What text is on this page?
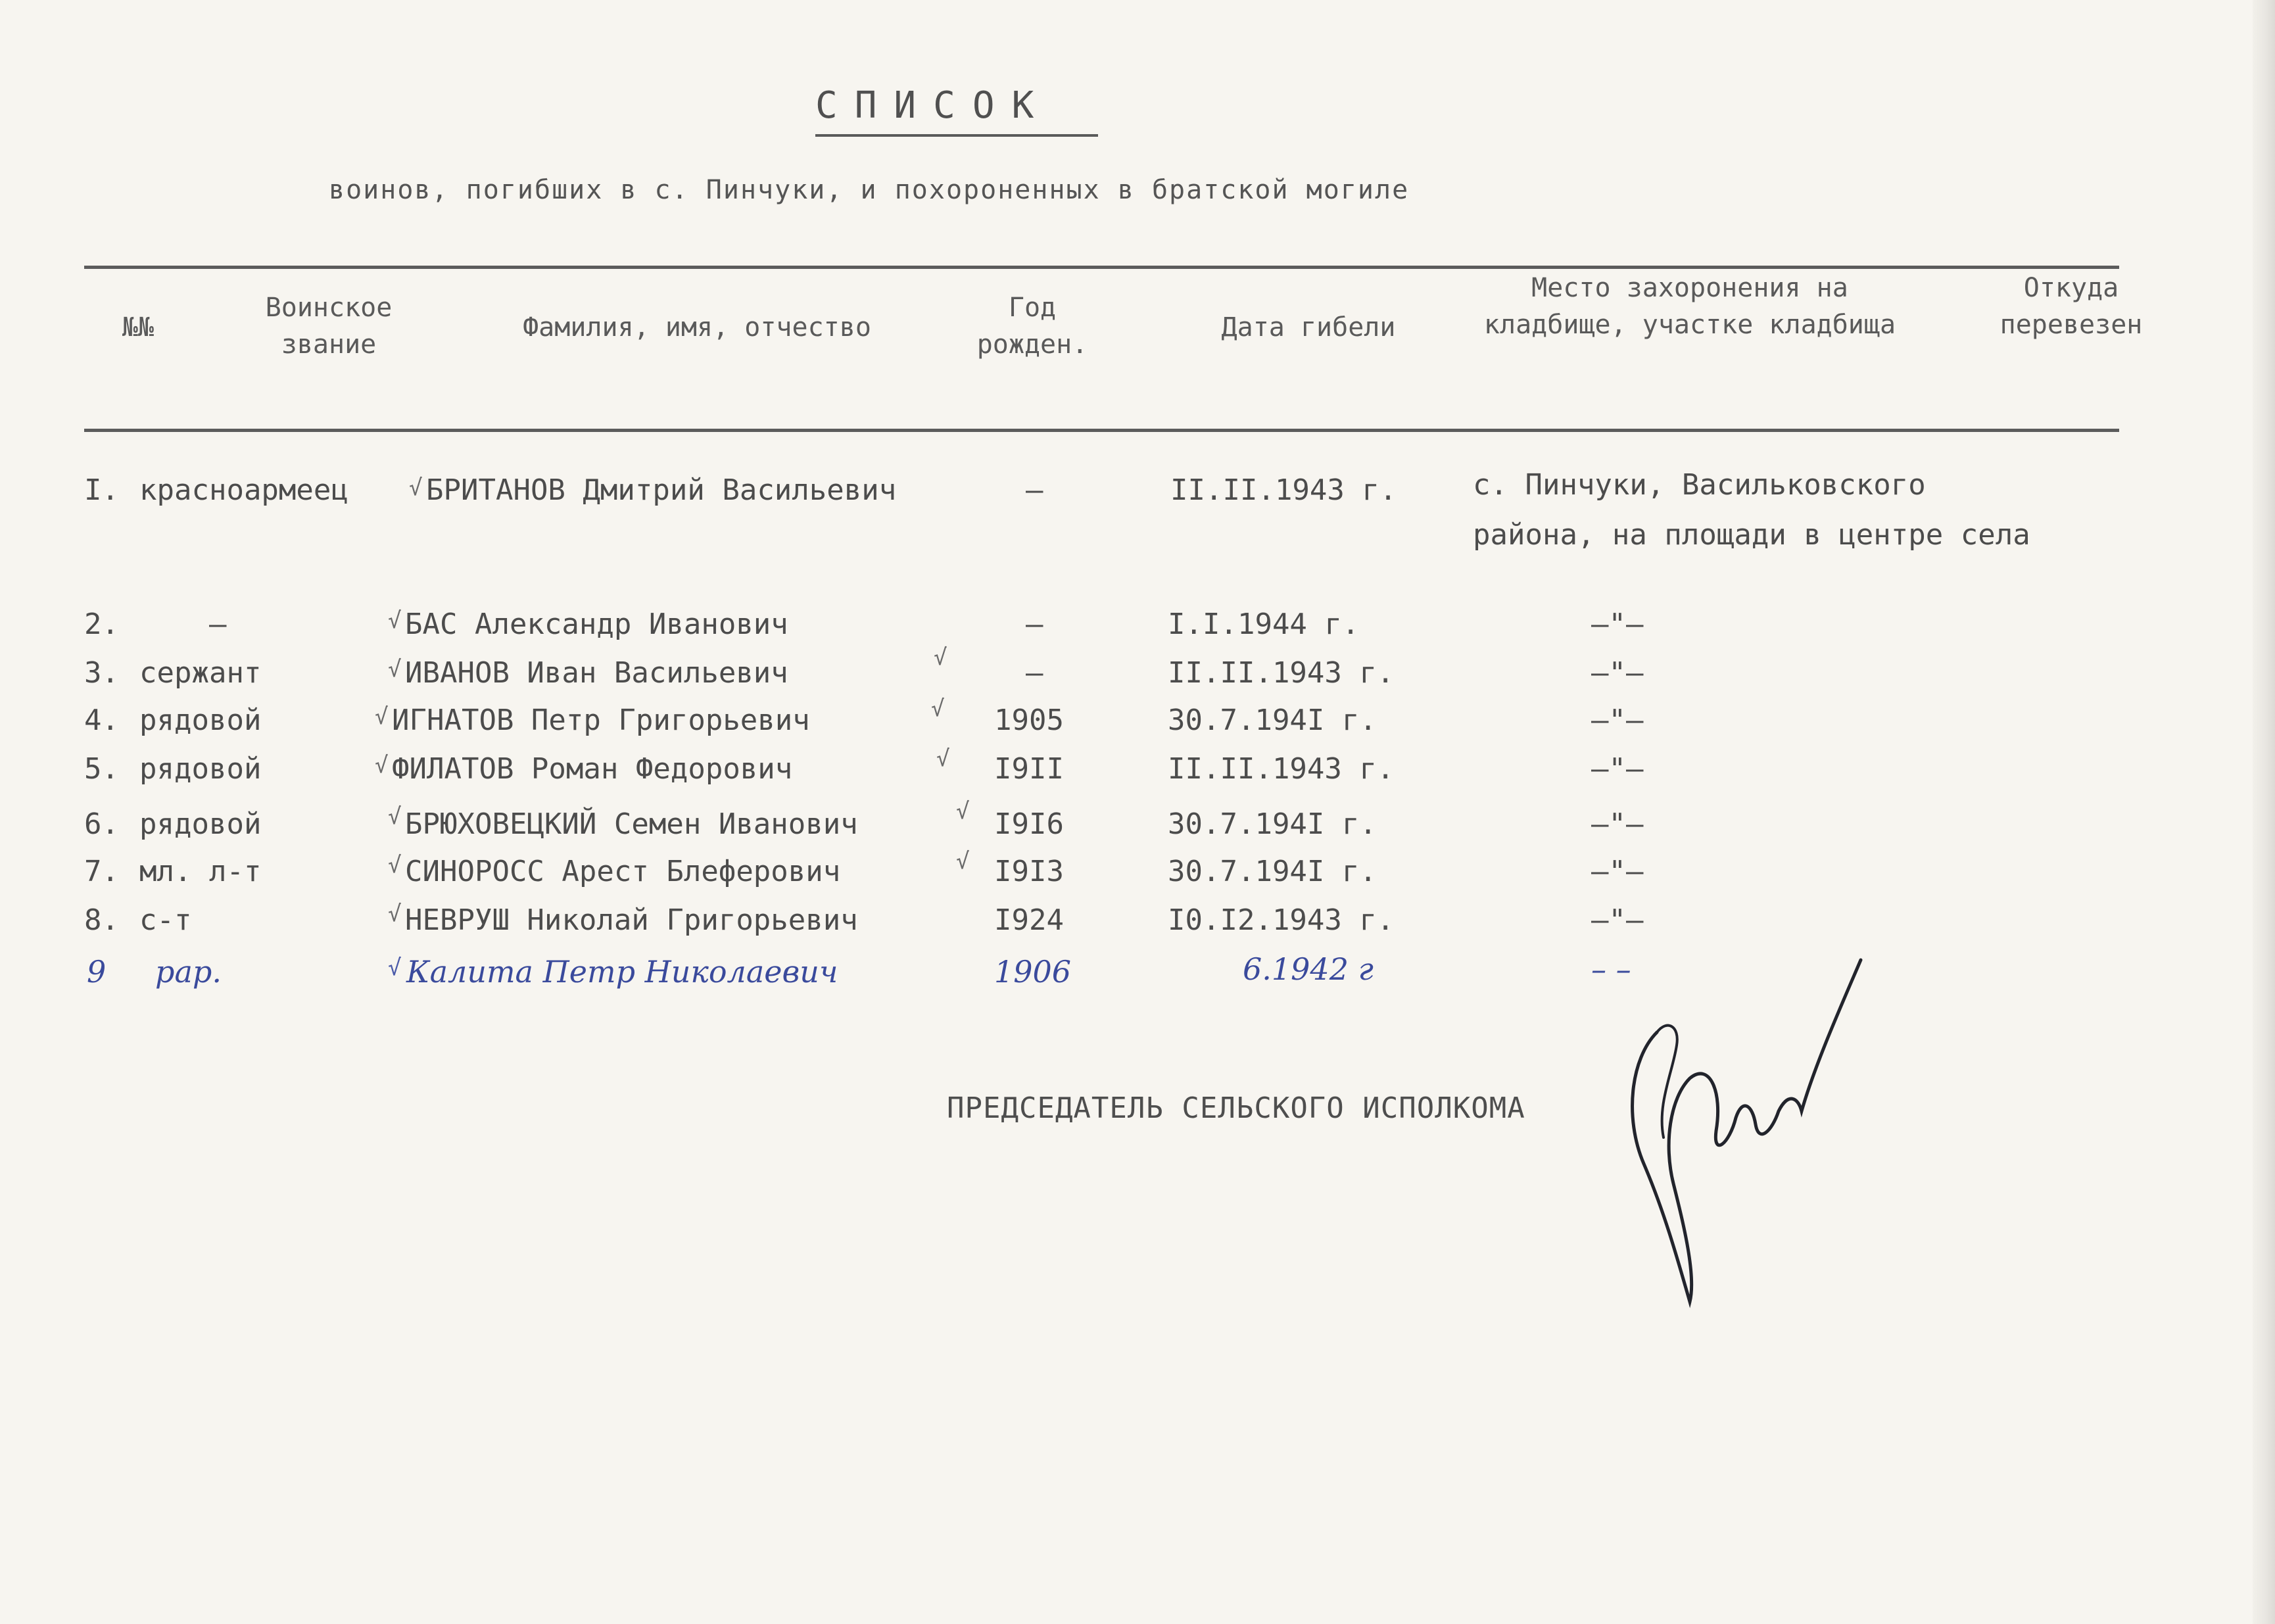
СПИСОК
воинов, погибших в с. Пинчуки, и похороненных в братской могиле
№№
Воинское звание
Фамилия, имя, отчество
Год рожден.
Дата гибели
Место захоронения на кладбище, участке кладбища
Откуда перевезен
I. красноармеец	√ БРИТАНОВ Дмитрий Васильевич	–	II.II.1943 г.	с. Пинчуки, Васильковского района, на площади в центре села
2.	–	√ БАС Александр Иванович	–	I.I.1944 г.	–"–
3. сержант	√ ИВАНОВ Иван Васильевич	√	–	II.II.1943 г.	–"–
4. рядовой	√ ИГНАТОВ Петр Григорьевич	√ 1905	30.7.194I г.	–"–
5. рядовой	√ ФИЛАТОВ Роман Федорович	√ I9II	II.II.1943 г.	–"–
6. рядовой	√ БРЮХОВЕЦКИЙ Семен Иванович	√ I9I6	30.7.194I г.	–"–
7. мл. л-т	√ СИНОРОСС Арест Блеферович	√ I9I3	30.7.194I г.	–"–
8. с-т	√ НЕВРУШ Николай Григорьевич	I924	I0.I2.1943 г.	–"–
9 рар.	√ Калита Петр Николаевич	1906	6.1942 г	– –
ПРЕДСЕДАТЕЛЬ СЕЛЬСКОГО ИСПОЛКОМА
